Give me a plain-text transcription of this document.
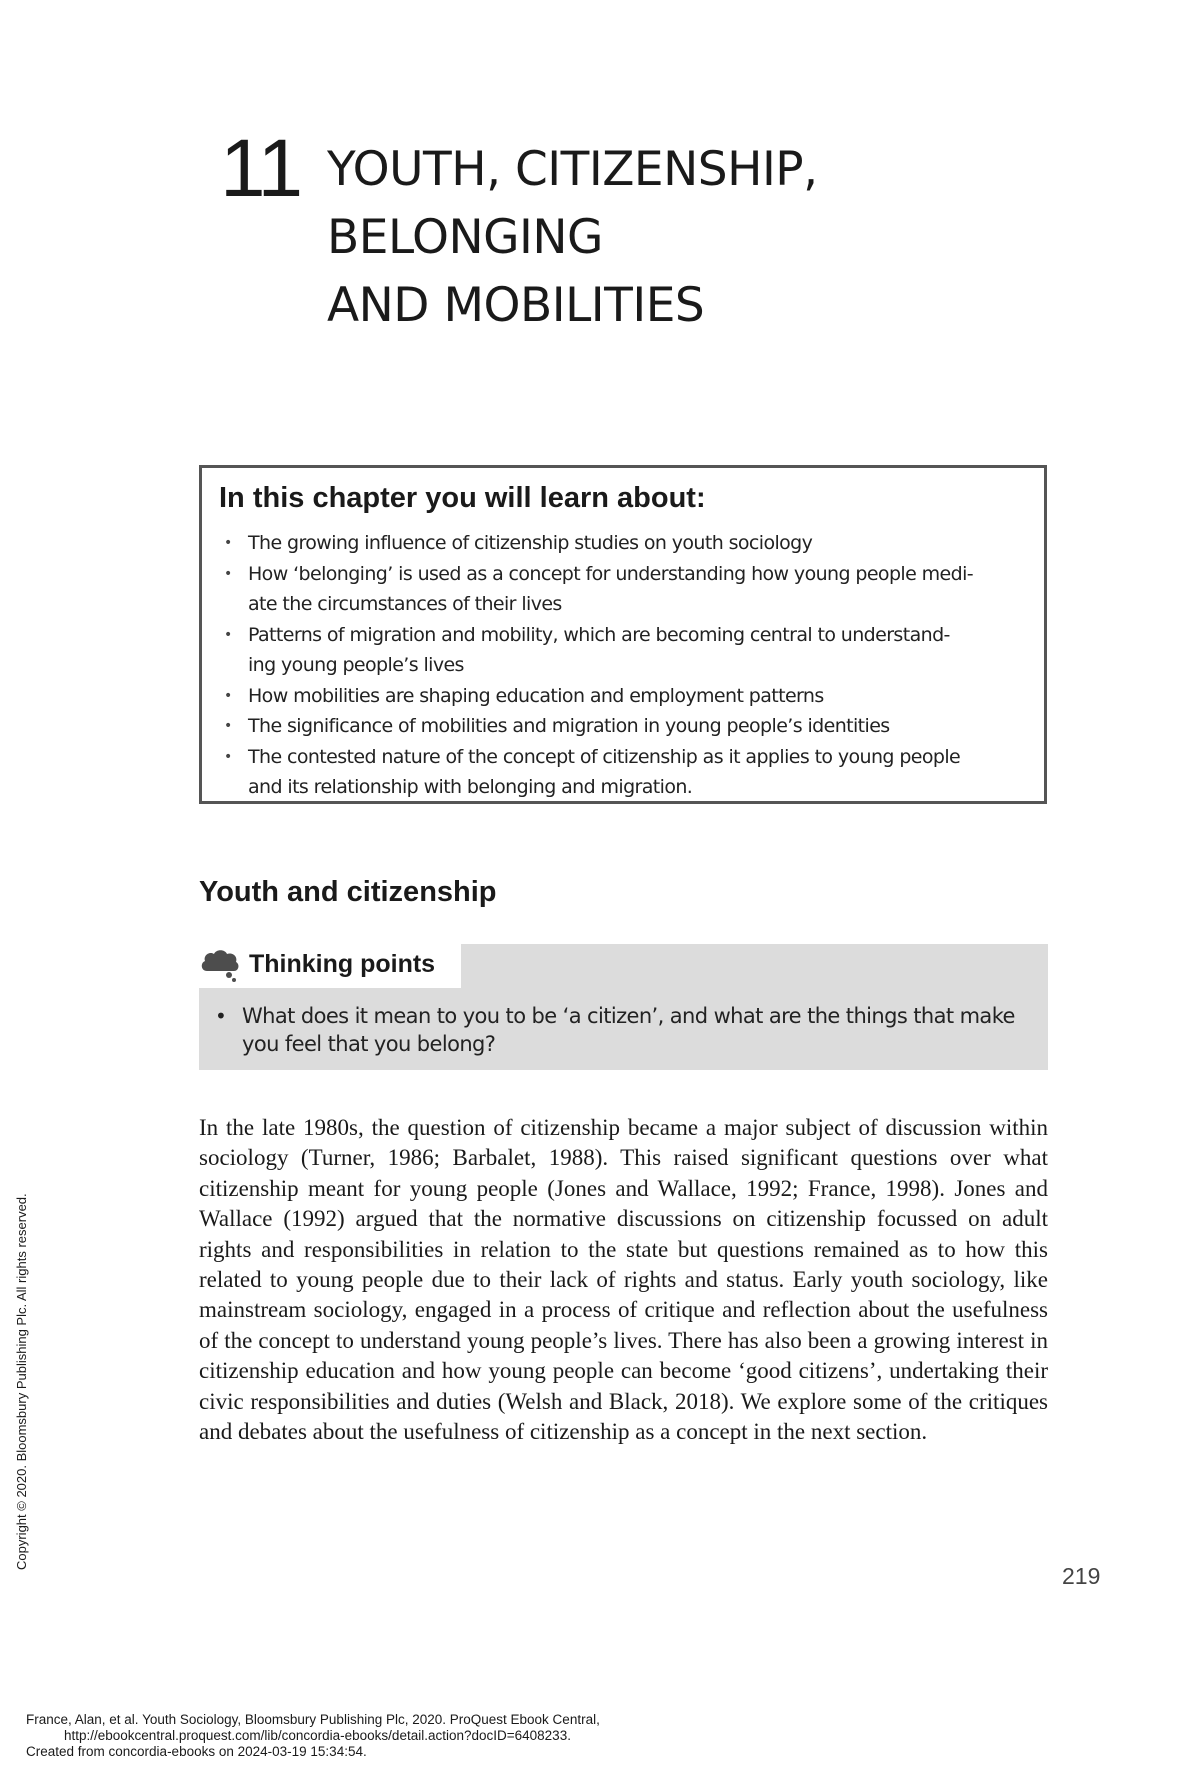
11 YOUTH, CITIZENSHIP,
BELONGING
AND MOBILITIES
In this chapter you will learn about:
• The growing influence of citizenship studies on youth sociology
• How ‘belonging’ is used as a concept for understanding how young people medi-
ate the circumstances of their lives
• Patterns of migration and mobility, which are becoming central to understand-
ing young people’s lives
• How mobilities are shaping education and employment patterns
• The significance of mobilities and migration in young people’s identities
• The contested nature of the concept of citizenship as it applies to young people
and its relationship with belonging and migration.
Youth and citizenship
Thinking points
• What does it mean to you to be ‘a citizen’, and what are the things that make
you feel that you belong?

In the late 1980s, the question of citizenship became a major subject of discussion within sociology (Turner, 1986; Barbalet, 1988). This raised significant questions over what citizenship meant for young people (Jones and Wallace, 1992; France, 1998). Jones and Wallace (1992) argued that the normative discussions on citizenship focussed on adult rights and responsibilities in relation to the state but questions remained as to how this related to young people due to their lack of rights and status. Early youth sociology, like mainstream sociology, engaged in a process of critique and reflection about the usefulness of the concept to understand young people’s lives. There has also been a growing interest in citizenship education and how young people can become ‘good citizens’, undertaking their civic responsibilities and duties (Welsh and Black, 2018). We explore some of the critiques and debates about the usefulness of citizenship as a concept in the next section.

219
Copyright © 2020. Bloomsbury Publishing Plc. All rights reserved.
France, Alan, et al. Youth Sociology, Bloomsbury Publishing Plc, 2020. ProQuest Ebook Central,
http://ebookcentral.proquest.com/lib/concordia-ebooks/detail.action?docID=6408233.
Created from concordia-ebooks on 2024-03-19 15:34:54.
